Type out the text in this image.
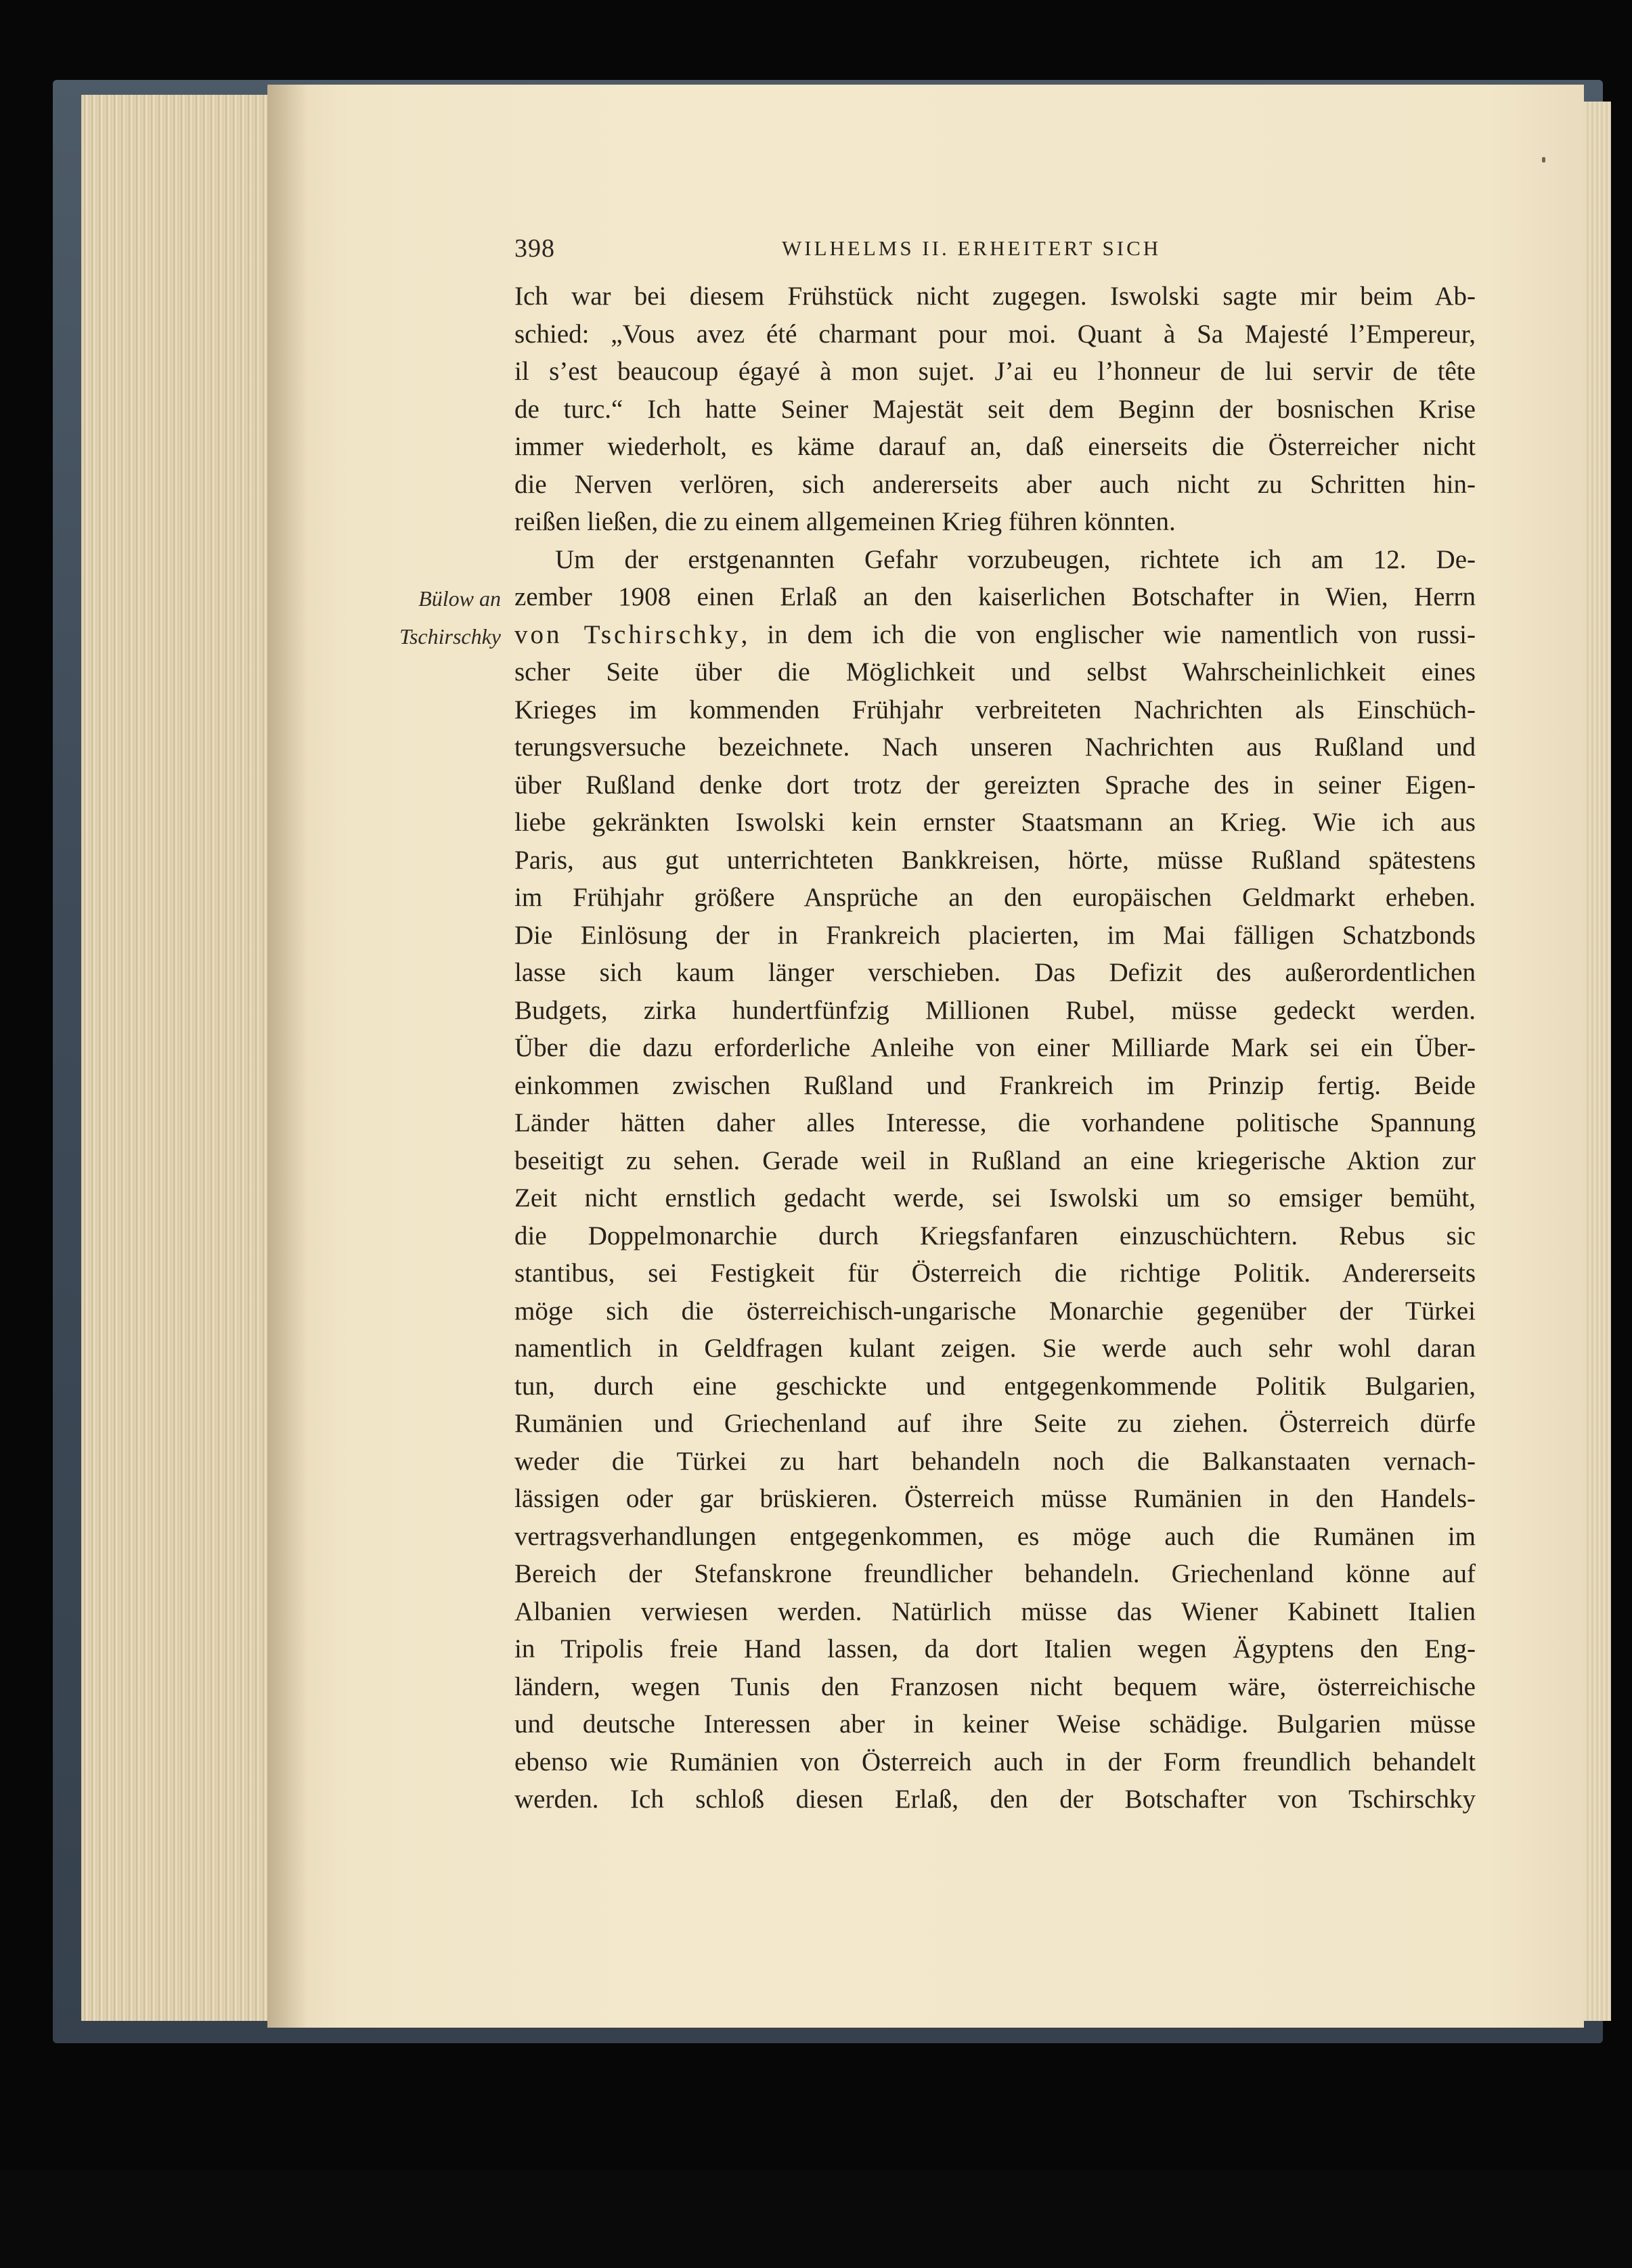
398	WILHELMS II. ERHEITERT SICH
Bülow an
Tschirschky
Ich war bei diesem Frühstück nicht zugegen. Iswolski sagte mir beim Ab-
schied: „Vous avez été charmant pour moi. Quant à Sa Majesté l’Empereur,
il s’est beaucoup égayé à mon sujet. J’ai eu l’honneur de lui servir de tête
de turc.“ Ich hatte Seiner Majestät seit dem Beginn der bosnischen Krise
immer wiederholt, es käme darauf an, daß einerseits die Österreicher nicht
die Nerven verlören, sich andererseits aber auch nicht zu Schritten hin-
reißen ließen, die zu einem allgemeinen Krieg führen könnten.
Um der erstgenannten Gefahr vorzubeugen, richtete ich am 12. De-
zember 1908 einen Erlaß an den kaiserlichen Botschafter in Wien, Herrn
von Tschirschky, in dem ich die von englischer wie namentlich von russi-
scher Seite über die Möglichkeit und selbst Wahrscheinlichkeit eines
Krieges im kommenden Frühjahr verbreiteten Nachrichten als Einschüch-
terungsversuche bezeichnete. Nach unseren Nachrichten aus Rußland und
über Rußland denke dort trotz der gereizten Sprache des in seiner Eigen-
liebe gekränkten Iswolski kein ernster Staatsmann an Krieg. Wie ich aus
Paris, aus gut unterrichteten Bankkreisen, hörte, müsse Rußland spätestens
im Frühjahr größere Ansprüche an den europäischen Geldmarkt erheben.
Die Einlösung der in Frankreich placierten, im Mai fälligen Schatzbonds
lasse sich kaum länger verschieben. Das Defizit des außerordentlichen
Budgets, zirka hundertfünfzig Millionen Rubel, müsse gedeckt werden.
Über die dazu erforderliche Anleihe von einer Milliarde Mark sei ein Über-
einkommen zwischen Rußland und Frankreich im Prinzip fertig. Beide
Länder hätten daher alles Interesse, die vorhandene politische Spannung
beseitigt zu sehen. Gerade weil in Rußland an eine kriegerische Aktion zur
Zeit nicht ernstlich gedacht werde, sei Iswolski um so emsiger bemüht,
die Doppelmonarchie durch Kriegsfanfaren einzuschüchtern. Rebus sic
stantibus, sei Festigkeit für Österreich die richtige Politik. Andererseits
möge sich die österreichisch-ungarische Monarchie gegenüber der Türkei
namentlich in Geldfragen kulant zeigen. Sie werde auch sehr wohl daran
tun, durch eine geschickte und entgegenkommende Politik Bulgarien,
Rumänien und Griechenland auf ihre Seite zu ziehen. Österreich dürfe
weder die Türkei zu hart behandeln noch die Balkanstaaten vernach-
lässigen oder gar brüskieren. Österreich müsse Rumänien in den Handels-
vertragsverhandlungen entgegenkommen, es möge auch die Rumänen im
Bereich der Stefanskrone freundlicher behandeln. Griechenland könne auf
Albanien verwiesen werden. Natürlich müsse das Wiener Kabinett Italien
in Tripolis freie Hand lassen, da dort Italien wegen Ägyptens den Eng-
ländern, wegen Tunis den Franzosen nicht bequem wäre, österreichische
und deutsche Interessen aber in keiner Weise schädige. Bulgarien müsse
ebenso wie Rumänien von Österreich auch in der Form freundlich behandelt
werden. Ich schloß diesen Erlaß, den der Botschafter von Tschirschky
